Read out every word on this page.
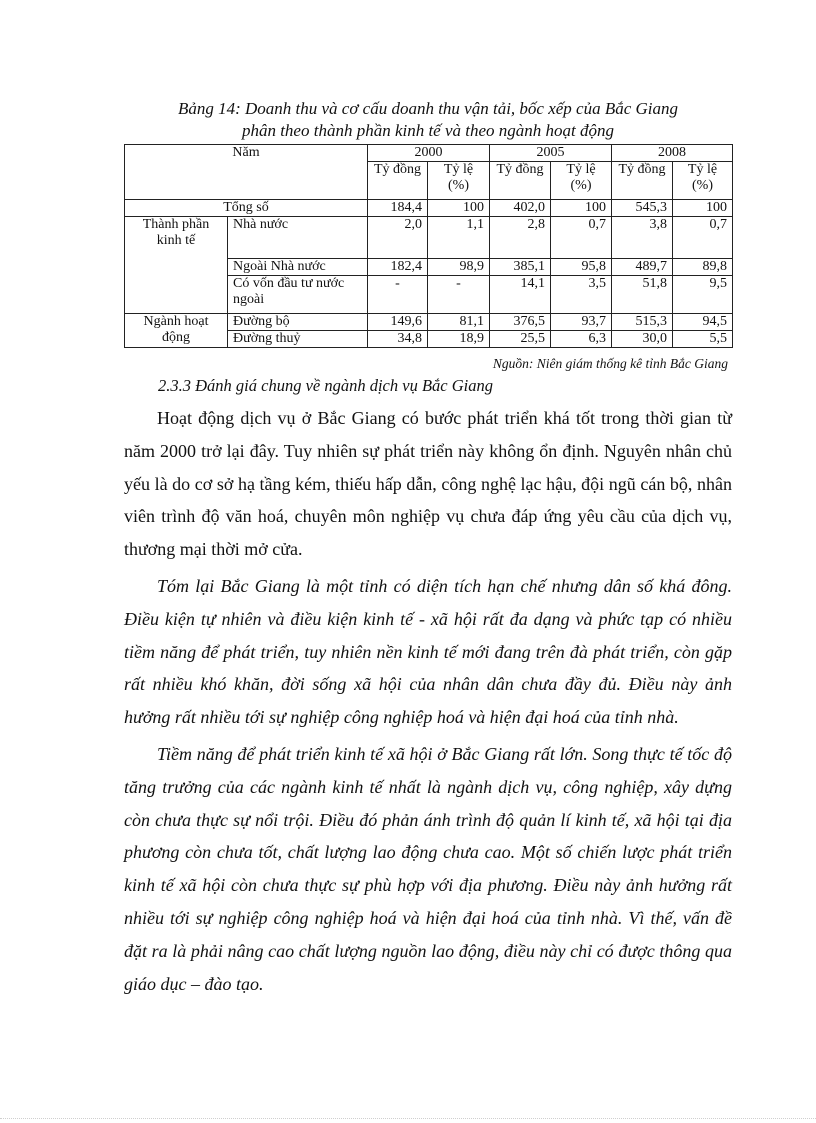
Bảng 14: Doanh thu và cơ cấu doanh thu vận tải, bốc xếp của Bắc Giang
phân theo thành phần kinh tế và theo ngành hoạt động
Năm		2000		2005		2008	
		Tỷ đồng	Tỷ lệ (%)	Tỷ đồng	Tỷ lệ (%)	Tỷ đồng	Tỷ lệ (%)
Tổng số		184,4	100	402,0	100	545,3	100
Thành phần kinh tế	Nhà nước	2,0	1,1	2,8	0,7	3,8	0,7
	Ngoài Nhà nước	182,4	98,9	385,1	95,8	489,7	89,8
	Có vốn đầu tư nước ngoài	-	-	14,1	3,5	51,8	9,5
Ngành hoạt động	Đường bộ	149,6	81,1	376,5	93,7	515,3	94,5
	Đường thuỷ	34,8	18,9	25,5	6,3	30,0	5,5
Nguồn: Niên giám thống kê tỉnh Bắc Giang
2.3.3 Đánh giá chung về ngành dịch vụ Bắc Giang

Hoạt động dịch vụ ở Bắc Giang có bước phát triển khá tốt trong thời gian từ năm 2000 trở lại đây. Tuy nhiên sự phát triển này không ổn định. Nguyên nhân chủ yếu là do cơ sở hạ tầng kém, thiếu hấp dẫn, công nghệ lạc hậu, đội ngũ cán bộ, nhân viên trình độ văn hoá, chuyên môn nghiệp vụ chưa đáp ứng yêu cầu của dịch vụ, thương mại thời mở cửa.

Tóm lại Bắc Giang là một tỉnh có diện tích hạn chế nhưng dân số khá đông. Điều kiện tự nhiên và điều kiện kinh tế - xã hội rất đa dạng và phức tạp có nhiều tiềm năng để phát triển, tuy nhiên nền kinh tế mới đang trên đà phát triển, còn gặp rất nhiều khó khăn, đời sống xã hội của nhân dân chưa đầy đủ. Điều này ảnh hưởng rất nhiều tới sự nghiệp công nghiệp hoá và hiện đại hoá của tỉnh nhà.

Tiềm năng để phát triển kinh tế xã hội ở Bắc Giang rất lớn. Song thực tế tốc độ tăng trưởng của các ngành kinh tế nhất là ngành dịch vụ, công nghiệp, xây dựng còn chưa thực sự nổi trội. Điều đó phản ánh trình độ quản lí kinh tế, xã hội tại địa phương còn chưa tốt, chất lượng lao động chưa cao. Một số chiến lược phát triển kinh tế xã hội còn chưa thực sự phù hợp với địa phương. Điều này ảnh hưởng rất nhiều tới sự nghiệp công nghiệp hoá và hiện đại hoá của tỉnh nhà. Vì thế, vấn đề đặt ra là phải nâng cao chất lượng nguồn lao động, điều này chỉ có được thông qua giáo dục – đào tạo.
